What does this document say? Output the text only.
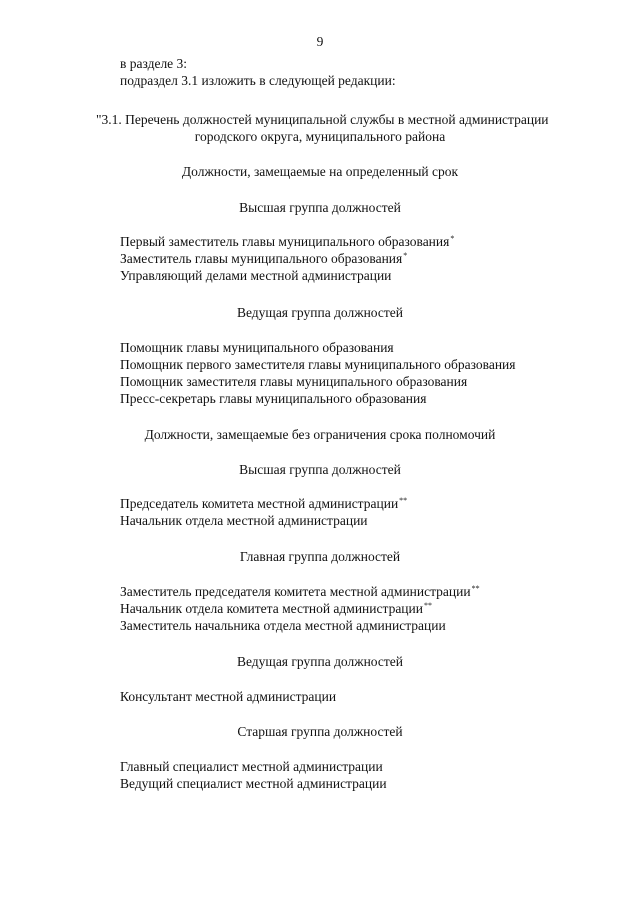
9
в разделе 3:
подраздел 3.1 изложить в следующей редакции:
"3.1. Перечень должностей муниципальной службы в местной администрации
городского округа, муниципального района
Должности, замещаемые на определенный срок
Высшая группа должностей
Первый заместитель главы муниципального образования*
Заместитель главы муниципального образования*
Управляющий делами местной администрации
Ведущая группа должностей
Помощник главы муниципального образования
Помощник первого заместителя главы муниципального образования
Помощник заместителя главы муниципального образования
Пресс-секретарь главы муниципального образования
Должности, замещаемые без ограничения срока полномочий
Высшая группа должностей
Председатель комитета местной администрации**
Начальник отдела местной администрации
Главная группа должностей
Заместитель председателя комитета местной администрации**
Начальник отдела комитета местной администрации**
Заместитель начальника отдела местной администрации
Ведущая группа должностей
Консультант местной администрации
Старшая группа должностей
Главный специалист местной администрации
Ведущий специалист местной администрации
